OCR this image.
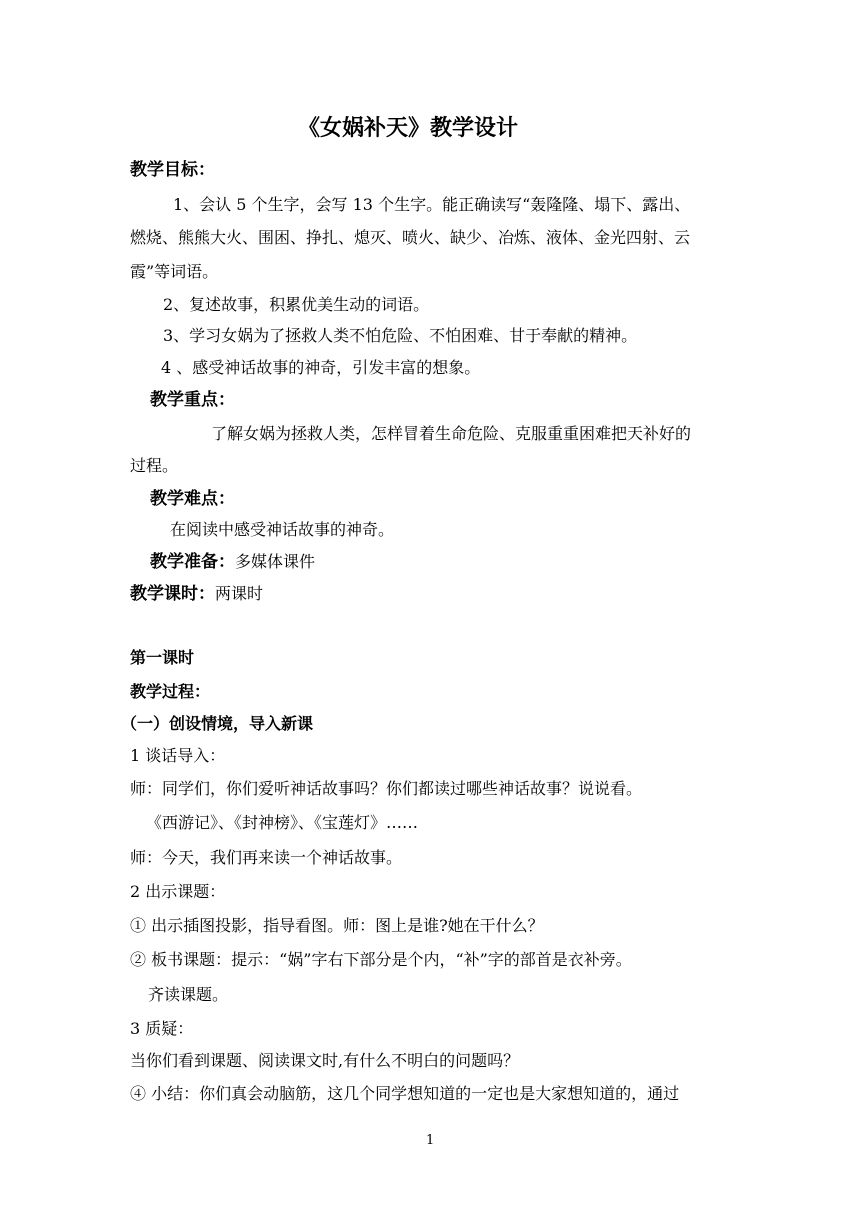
《女娲补天》教学设计
教学目标：
1、会认 5 个生字，会写 13 个生字。能正确读写“轰隆隆、塌下、露出、
燃烧、熊熊大火、围困、挣扎、熄灭、喷火、缺少、冶炼、液体、金光四射、云
霞”等词语。
2、复述故事，积累优美生动的词语。
3、学习女娲为了拯救人类不怕危险、不怕困难、甘于奉献的精神。
4 、感受神话故事的神奇，引发丰富的想象。
教学重点：
了解女娲为拯救人类，怎样冒着生命危险、克服重重困难把天补好的
过程。
教学难点：
在阅读中感受神话故事的神奇。
教学准备：多媒体课件
教学课时：两课时
第一课时
教学过程：
（一）创设情境，导入新课
1 谈话导入：
师：同学们，你们爱听神话故事吗？你们都读过哪些神话故事？说说看。
《西游记》、《封神榜》、《宝莲灯》……
师：今天，我们再来读一个神话故事。
2 出示课题：
① 出示插图投影，指导看图。师：图上是谁?她在干什么？
② 板书课题：提示：“娲”字右下部分是个内，“补”字的部首是衣补旁。
齐读课题。
3 质疑：
当你们看到课题、阅读课文时,有什么不明白的问题吗？
④ 小结：你们真会动脑筋，这几个同学想知道的一定也是大家想知道的，通过
1
